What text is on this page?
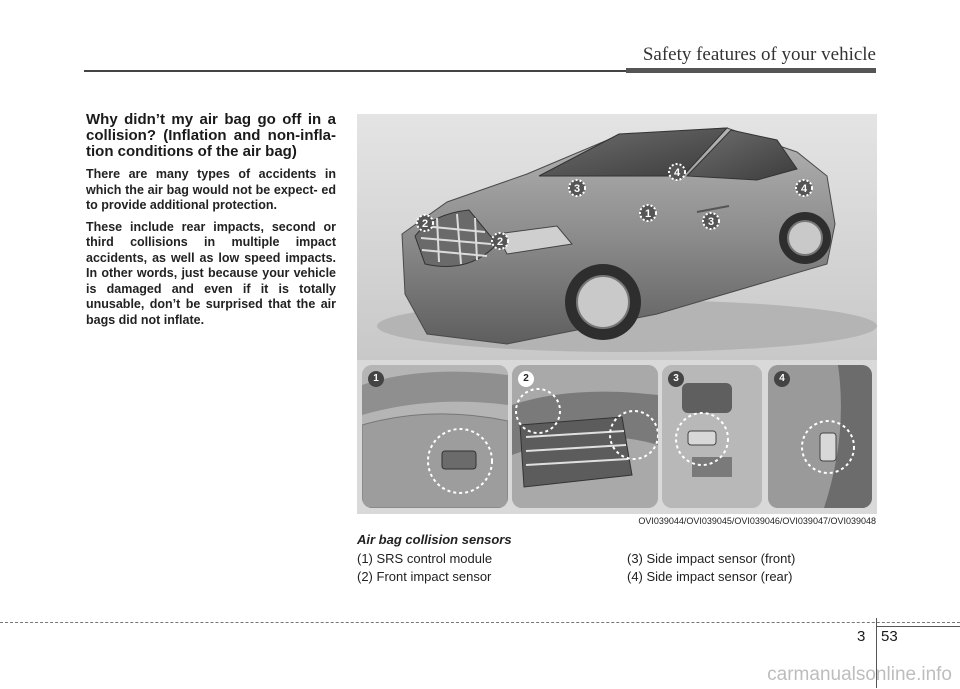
Safety features of your vehicle
Why didn’t my air bag go off in a collision? (Inflation and non-infla- tion conditions of the air bag)

There are many types of accidents in which the air bag would not be expect- ed to provide additional protection.

These include rear impacts, second or third collisions in multiple impact accidents, as well as low speed impacts. In other words, just because your vehicle is damaged and even if it is totally unusable, don’t be surprised that the air bags did not inflate.

2
2
3
1
3
4
4
1	2	3	4
OVI039044/OVI039045/OVI039046/OVI039047/OVI039048
Air bag collision sensors
(1) SRS control module
(2) Front impact sensor
(3) Side impact sensor (front)
(4) Side impact sensor (rear)
3 53
carmanualsonline.info
